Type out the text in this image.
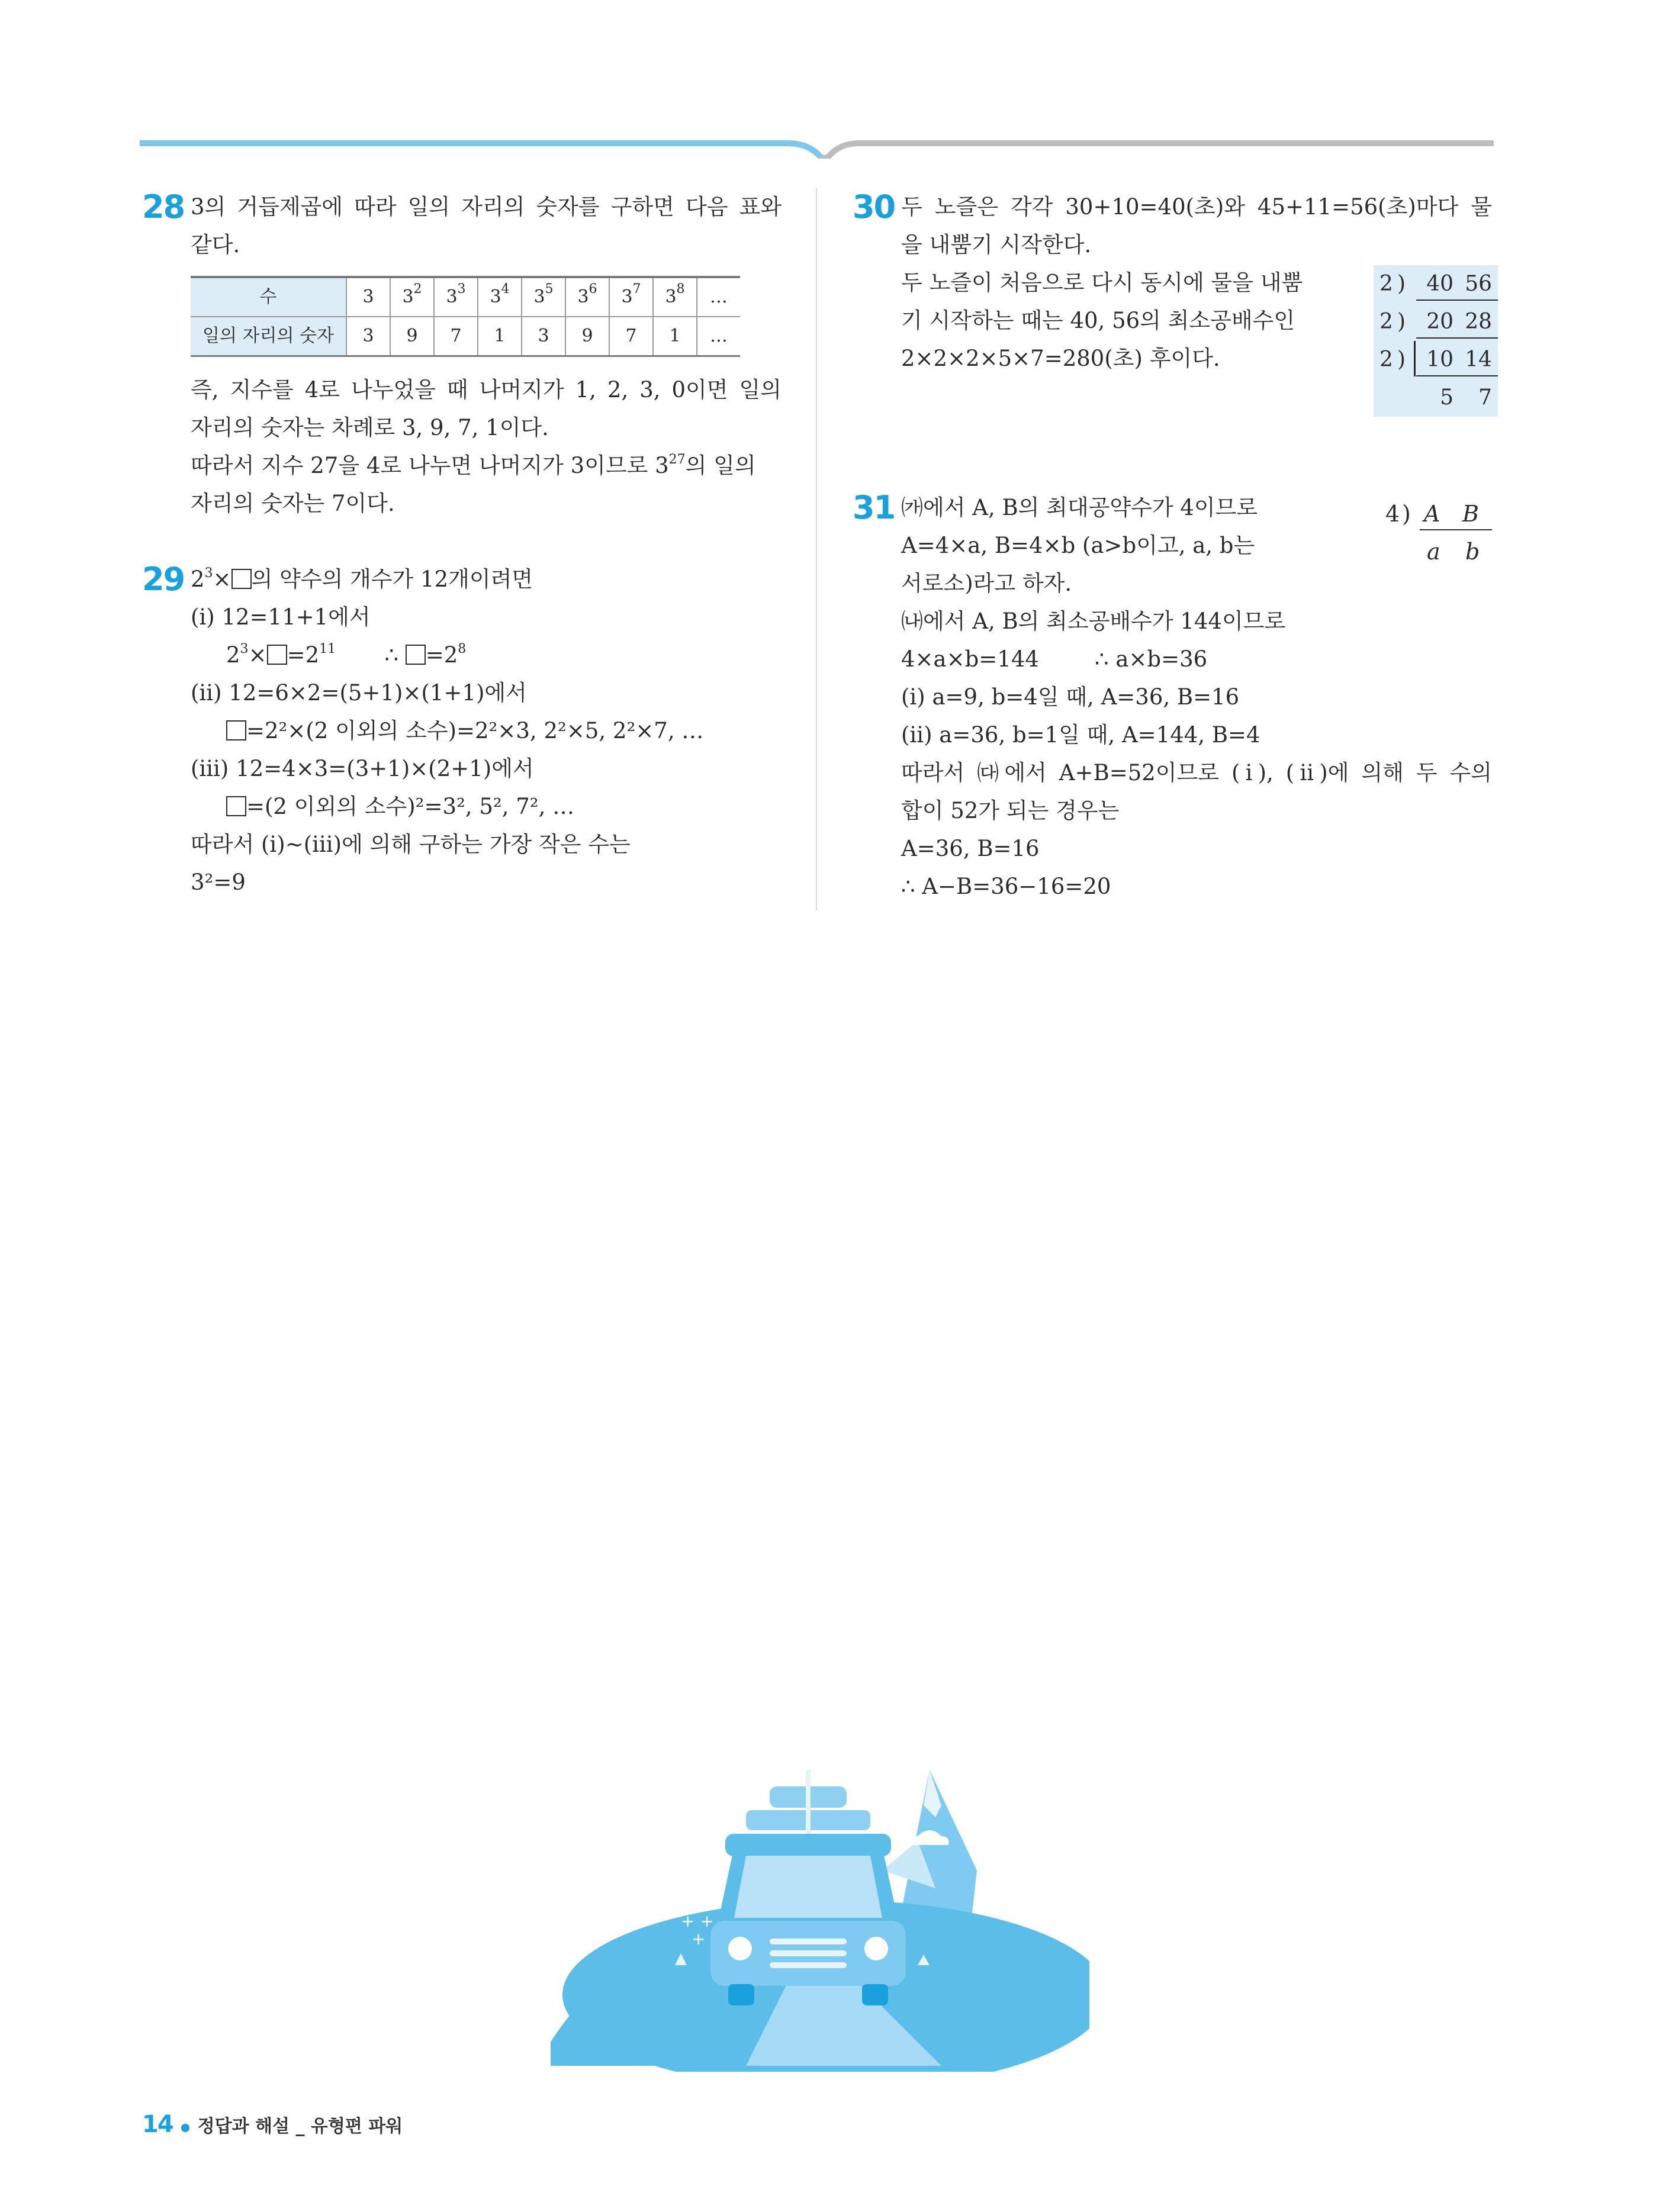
28 3의 거듭제곱에 따라 일의 자리의 숫자를 구하면 다음 표와
같다.
수	3	$3^2$	$3^3$	$3^4$	$3^5$	$3^6$	$3^7$	$3^8$	…
일의 자리의 숫자	3	9	7	1	3	9	7	1	…
즉, 지수를 4로 나누었을 때 나머지가 1, 2, 3, 0이면 일의
자리의 숫자는 차례로 3, 9, 7, 1이다.
따라서 지수 27을 4로 나누면 나머지가 3이므로 $3^{27}$의 일의
자리의 숫자는 7이다.
29 $2^3\times$ 의 약수의 개수가 12개이려면
(ⅰ) 12=11+1에서
$2^3\times =2^{11}$       ∴ $=2^8$
(ⅱ) 12=6×2=(5+1)×(1+1)에서
=2²×(2 이외의 소수)=2²×3, 2²×5, 2²×7, …
(ⅲ) 12=4×3=(3+1)×(2+1)에서
=(2 이외의 소수)²=3², 5², 7², …
따라서 (ⅰ)~(ⅲ)에 의해 구하는 가장 작은 수는
3²=9
30 두 노즐은 각각 30+10=40(초)와 45+11=56(초)마다 물
을 내뿜기 시작한다.
두 노즐이 처음으로 다시 동시에 물을 내뿜
기 시작하는 때는 40, 56의 최소공배수인
2×2×2×5×7=280(초) 후이다.
2 ) 40 56
2 ) 20 28
2 ) 10 14
5	7
31 ㈎에서 A, B의 최대공약수가 4이므로
A=4×a, B=4×b (a>b이고, a, b는
서로소)라고 하자.
㈏에서 A, B의 최소공배수가 144이므로
4×a×b=144	∴ a×b=36
(ⅰ) a=9, b=4일 때, A=36, B=16
(ⅱ) a=36, b=1일 때, A=144, B=4
따라서 ㈐에서 A+B=52이므로 (ⅰ), (ⅱ)에 의해 두 수의
합이 52가 되는 경우는
A=36, B=16
∴ A−B=36−16=20
4 ) A B
a b
+ +
+
14 정답과 해설 _ 유형편 파워
